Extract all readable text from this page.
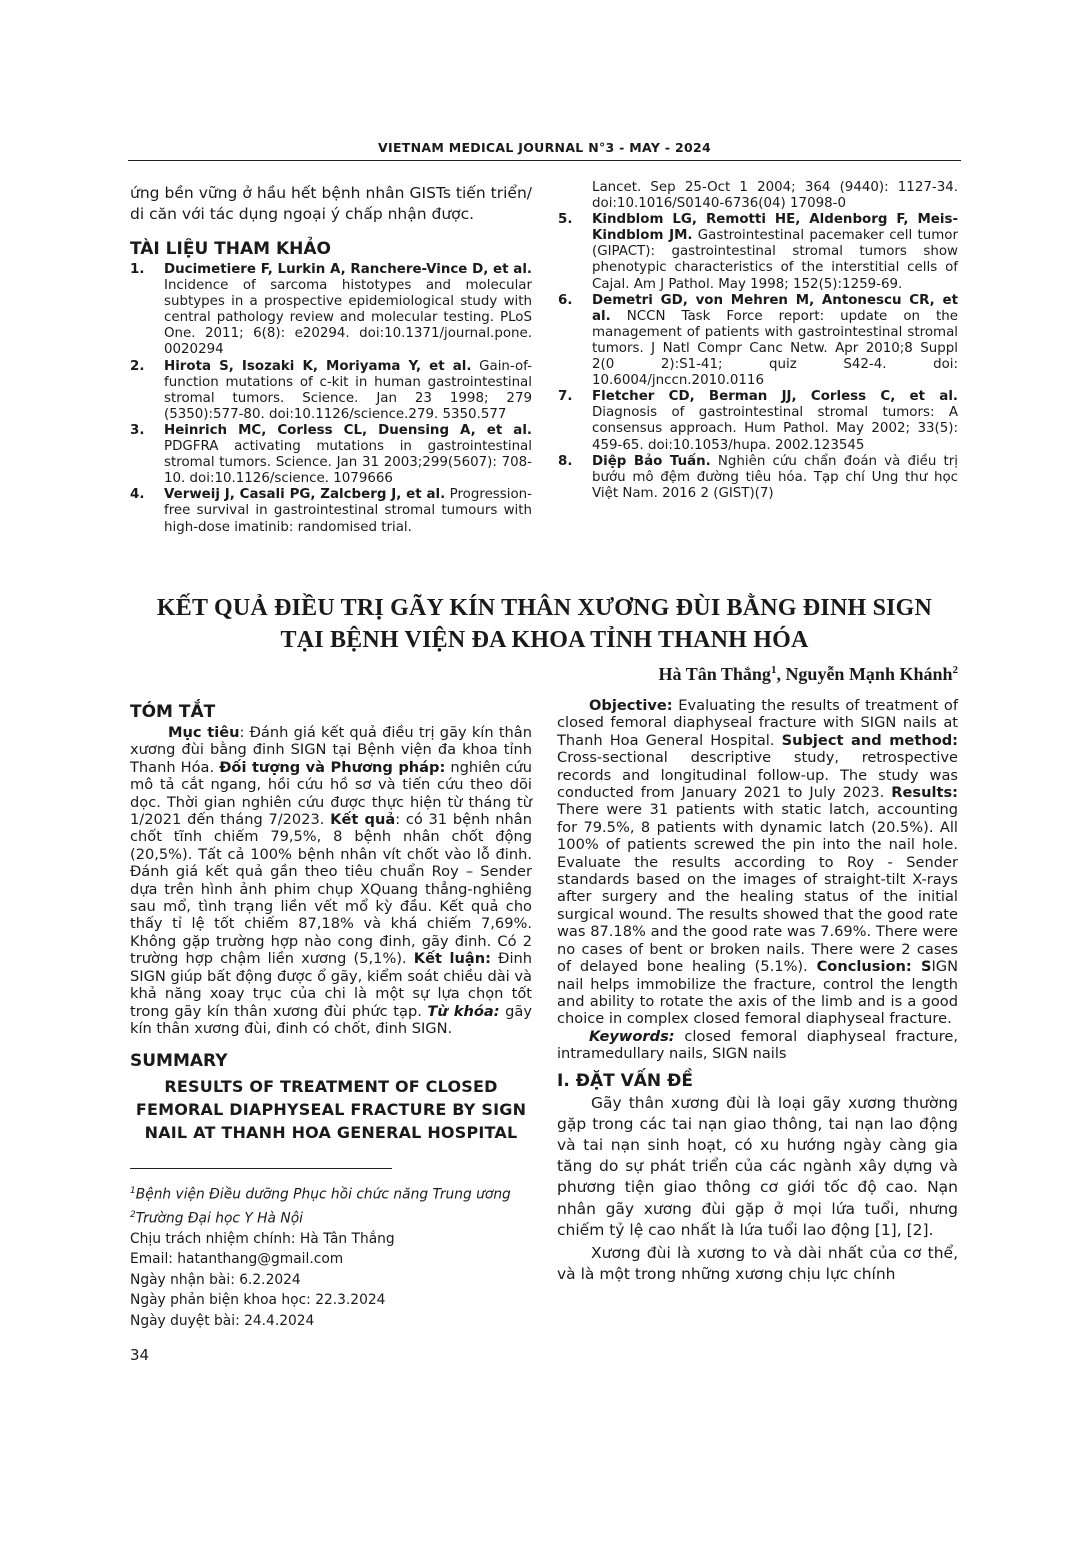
VIETNAM MEDICAL JOURNAL N°3 - MAY - 2024

ứng bền vững ở hầu hết bệnh nhân GISTs tiến triển/ di căn với tác dụng ngoại ý chấp nhận được.

TÀI LIỆU THAM KHẢO
1.	Ducimetiere F, Lurkin A, Ranchere-Vince D, et al. Incidence of sarcoma histotypes and molecular subtypes in a prospective epidemiological study with central pathology review and molecular testing. PLoS One. 2011; 6(8): e20294. doi:10.1371/journal.pone. 0020294
2.	Hirota S, Isozaki K, Moriyama Y, et al. Gain-of-function mutations of c-kit in human gastrointestinal stromal tumors. Science. Jan 23 1998; 279 (5350):577-80. doi:10.1126/science.279. 5350.577
3.	Heinrich MC, Corless CL, Duensing A, et al. PDGFRA activating mutations in gastrointestinal stromal tumors. Science. Jan 31 2003;299(5607): 708-10. doi:10.1126/science. 1079666
4.	Verweij J, Casali PG, Zalcberg J, et al. Progression-free survival in gastrointestinal stromal tumours with high-dose imatinib: randomised trial.
Lancet. Sep 25-Oct 1 2004; 364 (9440): 1127-34. doi:10.1016/S0140-6736(04) 17098-0
5.	Kindblom LG, Remotti HE, Aldenborg F, Meis-Kindblom JM. Gastrointestinal pacemaker cell tumor (GIPACT): gastrointestinal stromal tumors show phenotypic characteristics of the interstitial cells of Cajal. Am J Pathol. May 1998; 152(5):1259-69.
6.	Demetri GD, von Mehren M, Antonescu CR, et al. NCCN Task Force report: update on the management of patients with gastrointestinal stromal tumors. J Natl Compr Canc Netw. Apr 2010;8 Suppl 2(0 2):S1-41; quiz S42-4. doi: 10.6004/jnccn.2010.0116
7.	Fletcher CD, Berman JJ, Corless C, et al. Diagnosis of gastrointestinal stromal tumors: A consensus approach. Hum Pathol. May 2002; 33(5): 459-65. doi:10.1053/hupa. 2002.123545
8.	Diệp Bảo Tuấn. Nghiên cứu chẩn đoán và điều trị bướu mô đệm đường tiêu hóa. Tạp chí Ung thư học Việt Nam. 2016 2 (GIST)(7)
KẾT QUẢ ĐIỀU TRỊ GÃY KÍN THÂN XƯƠNG ĐÙI BẰNG ĐINH SIGN
TẠI BỆNH VIỆN ĐA KHOA TỈNH THANH HÓA
Hà Tân Thắng$^1$, Nguyễn Mạnh Khánh$^2$
TÓM TẮT

Mục tiêu: Đánh giá kết quả điều trị gãy kín thân xương đùi bằng đinh SIGN tại Bệnh viện đa khoa tỉnh Thanh Hóa. Đối tượng và Phương pháp: nghiên cứu mô tả cắt ngang, hồi cứu hồ sơ và tiến cứu theo dõi dọc. Thời gian nghiên cứu được thực hiện từ tháng từ 1/2021 đến tháng 7/2023. Kết quả: có 31 bệnh nhân chốt tĩnh chiếm 79,5%, 8 bệnh nhân chốt động (20,5%). Tất cả 100% bệnh nhân vít chốt vào lỗ đinh. Đánh giá kết quả gần theo tiêu chuẩn Roy – Sender dựa trên hình ảnh phim chụp XQuang thẳng-nghiêng sau mổ, tình trạng liền vết mổ kỳ đầu. Kết quả cho thấy tỉ lệ tốt chiếm 87,18% và khá chiếm 7,69%. Không gặp trường hợp nào cong đinh, gãy đinh. Có 2 trường hợp chậm liền xương (5,1%). Kết luận: Đinh SIGN giúp bất động được ổ gãy, kiểm soát chiều dài và khả năng xoay trục của chi là một sự lựa chọn tốt trong gãy kín thân xương đùi phức tạp. Từ khóa: gãy kín thân xương đùi, đinh có chốt, đinh SIGN.

SUMMARY
RESULTS OF TREATMENT OF CLOSED FEMORAL DIAPHYSEAL FRACTURE BY SIGN NAIL AT THANH HOA GENERAL HOSPITAL
$^1$Bệnh viện Điều dưỡng Phục hồi chức năng Trung ương
$^2$Trường Đại học Y Hà Nội
Chịu trách nhiệm chính: Hà Tân Thắng
Email: hatanthang@gmail.com
Ngày nhận bài: 6.2.2024
Ngày phản biện khoa học: 22.3.2024
Ngày duyệt bài: 24.4.2024

Objective: Evaluating the results of treatment of closed femoral diaphyseal fracture with SIGN nails at Thanh Hoa General Hospital. Subject and method: Cross-sectional descriptive study, retrospective records and longitudinal follow-up. The study was conducted from January 2021 to July 2023. Results: There were 31 patients with static latch, accounting for 79.5%, 8 patients with dynamic latch (20.5%). All 100% of patients screwed the pin into the nail hole. Evaluate the results according to Roy - Sender standards based on the images of straight-tilt X-rays after surgery and the healing status of the initial surgical wound. The results showed that the good rate was 87.18% and the good rate was 7.69%. There were no cases of bent or broken nails. There were 2 cases of delayed bone healing (5.1%). Conclusion: SIGN nail helps immobilize the fracture, control the length and ability to rotate the axis of the limb and is a good choice in complex closed femoral diaphyseal fracture.

Keywords: closed femoral diaphyseal fracture, intramedullary nails, SIGN nails

I. ĐẶT VẤN ĐỀ

Gãy thân xương đùi là loại gãy xương thường gặp trong các tai nạn giao thông, tai nạn lao động và tai nạn sinh hoạt, có xu hướng ngày càng gia tăng do sự phát triển của các ngành xây dựng và phương tiện giao thông cơ giới tốc độ cao. Nạn nhân gãy xương đùi gặp ở mọi lứa tuổi, nhưng chiếm tỷ lệ cao nhất là lứa tuổi lao động [1], [2].

Xương đùi là xương to và dài nhất của cơ thể, và là một trong những xương chịu lực chính

34
